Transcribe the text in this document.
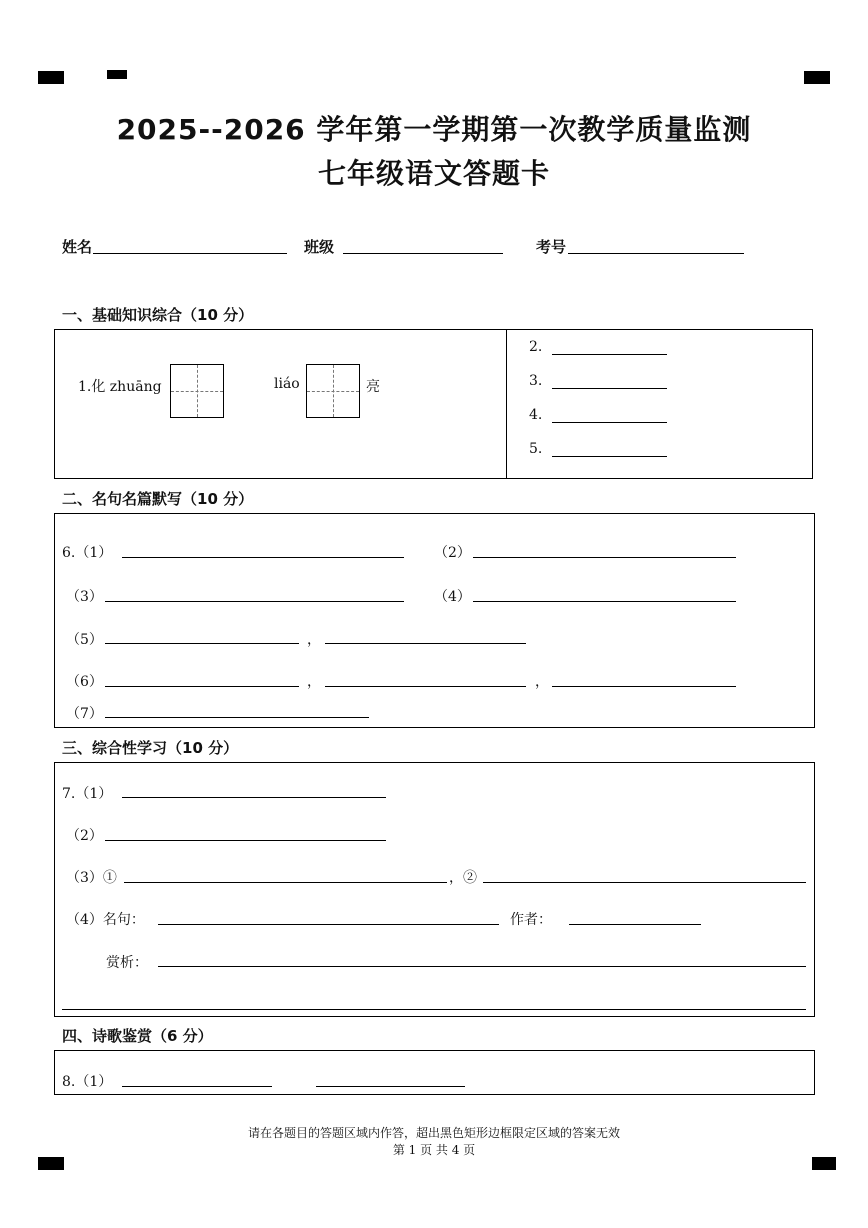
2025--2026 学年第一学期第一次教学质量监测
七年级语文答题卡
姓名	班级	考号
一、基础知识综合（10 分）
1.化 zhuāng	liáo	亮
2.
3.
4.
5.
二、名句名篇默写（10 分）
6.（1）	（2）
（3）	（4）
（5）	，
（6）	，	，
（7）
三、综合性学习（10 分）
7.（1）
（2）
（3）①	，②
（4）名句：	作者：
赏析：
四、诗歌鉴赏（6 分）
8.（1）
请在各题目的答题区域内作答，超出黑色矩形边框限定区域的答案无效
第 1 页 共 4 页
